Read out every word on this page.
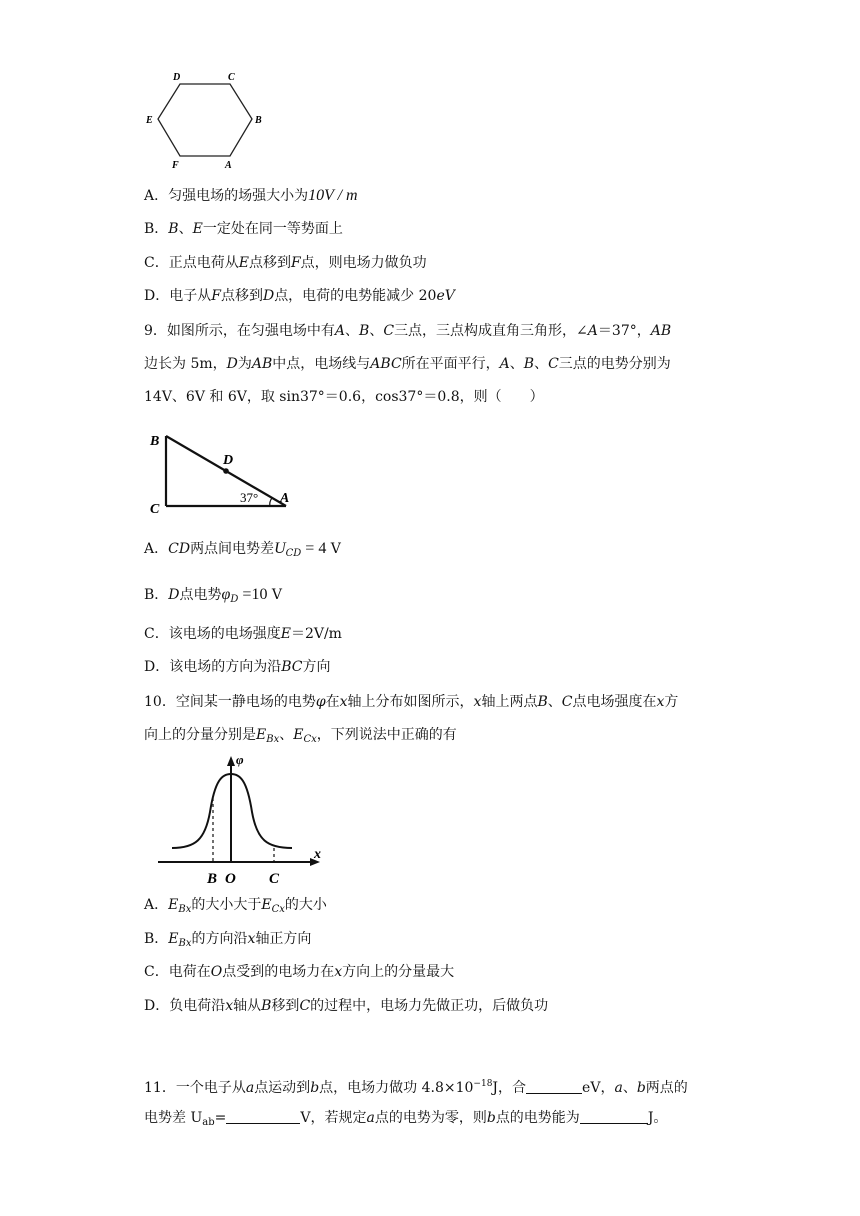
D	C
E	B
F	A
A．匀强电场的场强大小为10V / m
B．B、E一定处在同一等势面上
C．正点电荷从E点移到F点，则电场力做负功
D．电子从F点移到D点，电荷的电势能减少 20eV
9．如图所示，在匀强电场中有A、B、C三点，三点构成直角三角形，∠A＝37°，AB
边长为 5m，D为AB中点，电场线与ABC所在平面平行，A、B、C三点的电势分别为
14V、6V 和 6V，取 sin37°＝0.6，cos37°＝0.8，则（　　）
B
C
D
A
37°
A．CD两点间电势差$U_{CD} = 4$ V
B．D点电势$\varphi_D =10$ V
C．该电场的电场强度E＝2V/m
D．该电场的方向为沿BC方向
10．空间某一静电场的电势φ在x轴上分布如图所示，x轴上两点B、C点电场强度在x方
向上的分量分别是$E_{Bx}$、$E_{Cx}$，下列说法中正确的有
φ
x
B O C
A．$E_{Bx}$的大小大于$E_{Cx}$的大小
B．$E_{Bx}$的方向沿x轴正方向
C．电荷在O点受到的电场力在x方向上的分量最大
D．负电荷沿x轴从B移到C的过程中，电场力先做正功，后做负功
11．一个电子从a点运动到b点，电场力做功 $4.8\times 10^{-18}J$，合	eV，a、b两点的
电势差 $U_{ab}=$	V，若规定a点的电势为零，则b点的电势能为	J。
